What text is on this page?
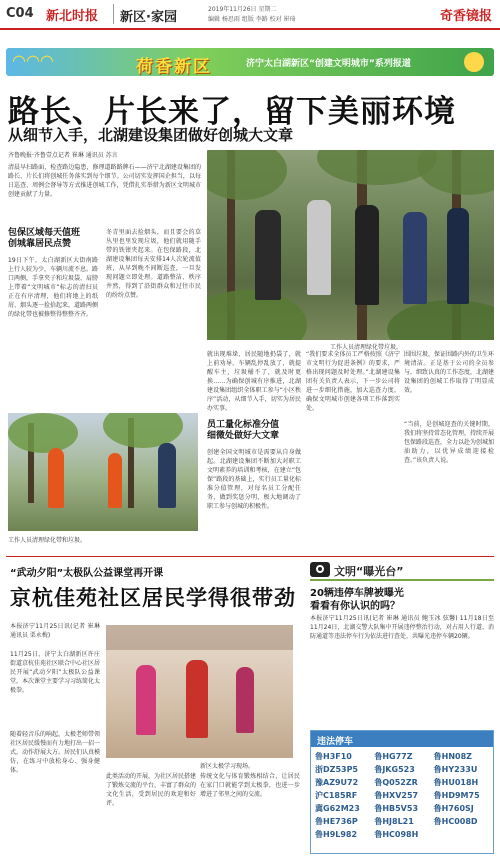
C04 新北时报 新区·家园
2019年11月26日 星期二
编辑 杨思雨 组版 李路 校对 崔琦	奇香镜报
◠◠◠	荷香新区	济宁太白湖新区“创建文明城市”系列报道
路长、片长来了，留下美丽环境
从细节入手，北湖建设集团做好创城大文章
齐鲁晚报·齐鲁壹点记者 崔琳 通讯员 苏言
清晨早扫路面，检查路边隐患，修理道路路牌石——济宁北湖建设集团的路长、片长们将创城任务落实到每个细节。公司切实发挥国企担当，以每日巡查、周例会督导等方式推进创城工作，凭借扎实举措为新区文明城市创建贡献了力量。
工作人员清理绿化带垃圾。
包保区域每天值班
创城靠居民点赞
19日下午，太白湖新区大街南路上行人较为少，车辆川流不息。路口两侧，手拿夹子和垃圾袋、肩膀上带着“文明城市”标志的清扫员正在有序清理，他们将地上的纸屑、烟头逐一捡拾起来，道路两侧的绿化带也被修整得整整齐齐。
冬青里面去捡烟头，而且要会的草丛里也里发现垃圾，他们就用随手带的铁钳夹起来。在包保路段，北湖建设集团每天安排14人次轮流值班，从早到晚不间断巡查，一旦发现问题立即处理。道路整洁、秩序井然，得到了沿街群众和过往市民的纷纷点赞。
工作人员清理绿化带和垃圾。
就出现堆垛、居民随地扔袋了，就上前劝导，车辆乱停乱放了，就提醒车主，垃圾桶不了，就及时更换……为确保创城有序推进，北湖建设集团组织全体职工参与“小区秩序”活动，从细节入手，切实为居民办实事。
员工量化标准分值
细微处做好大文章
创建全国文明城市是需要从自身做起。北湖建设集团不断加大对职工文明素养的培训和考核，在建立“包保”路段的基础上，实行员工量化标准分值管理，对每名员工分配任务，做到奖惩分明，极大地调动了职工参与创城的积极性。
“我们要求全体员工严格按照《济宁市文明行为促进条例》的要求，严格出现问题及时处理。”北湖建设集团有关负责人表示，下一步公司将进一步细化措施，加大巡查力度，确保文明城市创建各项工作落到实处。
围围垃圾，保证围路内外的卫生环境清洁。正是基于公司的全员参与，细致认真的工作态度，北湖建设集团的创城工作取得了明显成效。
“当前，是创城迎查的关键时期，我们将坚持常态化管理，持续开展包保路段巡查，全力以赴为创城加油助力，以优异成绩迎接检查。”该负责人说。
“武动夕阳”太极队公益课堂再开课
京杭佳苑社区居民学得很带劲
本报济宁11月25日讯(记者 崔琳 通讯员 栗永梅)
11月25日，济宁太白湖新区许庄街道京杭佳苑社区联合中心社区居民开展“武动夕阳”太极队公益课堂，本次课堂主要学习习练简化太极拳。
随着轻音乐的响起，太极老师带领社区居民缓慢而有力地打出一招一式，动作舒展大方。居民们认真模仿，在练习中放松身心、强身健体。
新区太极学习现场。
此类活动的开展，为社区居民搭建了锻炼交流的平台，丰富了群众的文化生活，受到居民的欢迎和好评。
传统文化与体育锻炼相结合，让居民在家门口就能学到太极拳，也进一步增进了邻里之间的交流。
文明“曝光台”
20辆违停车牌被曝光
看看有你认识的吗？
本报济宁11月25日讯(记者 崔琳 通讯员 鲍玉冰 弦馨) 11月18日至11月24日，北湖交警大队集中开展违停整治行动，对占用人行道、消防通道等违法停车行为依法进行查处，共曝光违停车辆20辆。
违法停车
鲁H3F10	鲁HG77Z	鲁HN08Z
浙DZ53P5	鲁JKG523	鲁HY233U
豫AZ9U72	鲁Q052ZR	鲁HU018H
沪C185RF	鲁HXV257	鲁HD9M75
冀G62M23	鲁HB5V53	鲁H760SJ
鲁HE736P	鲁HJ8L21	鲁HC008D
鲁H9L982	鲁HC098H
